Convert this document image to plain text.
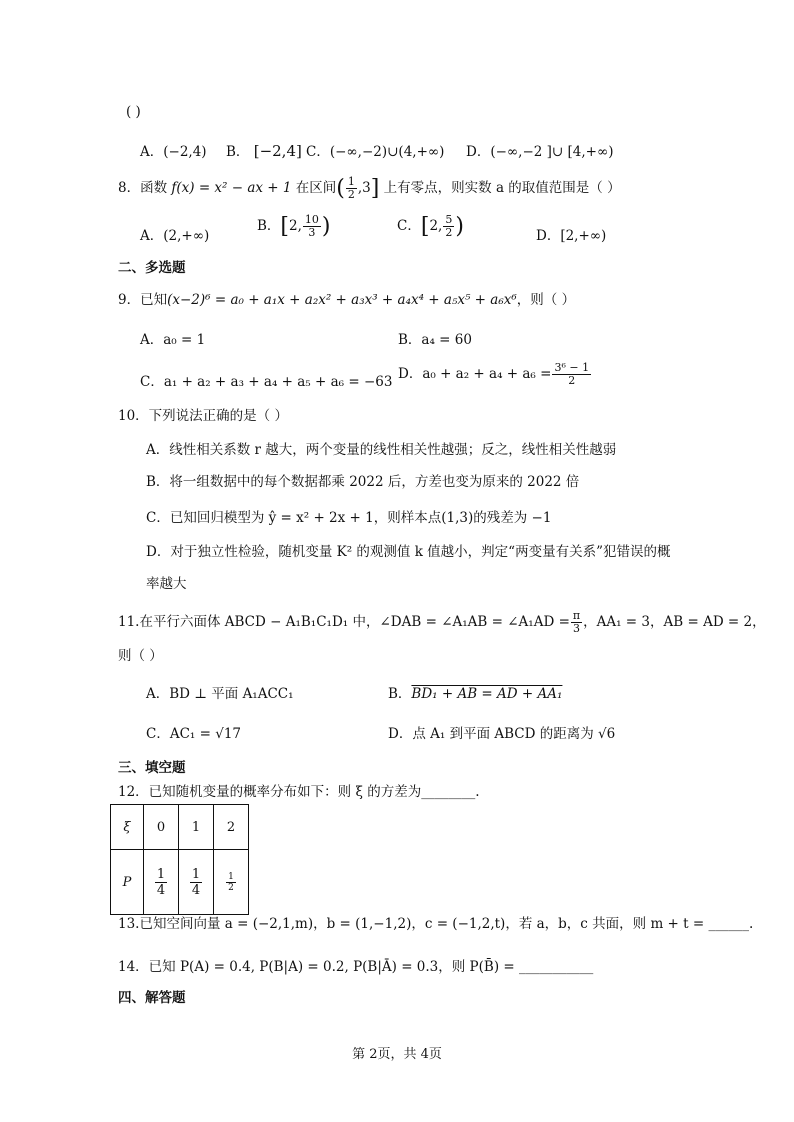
( )
A．(−2,4) B． [−2,4] C．(−∞,−2)∪(4,+∞) D．(−∞,−2 ]∪ [4,+∞)
8．函数 f(x) = x² − ax + 1 在区间( $\frac{1}{2} ,3$] 上有零点，则实数 a 的取值范围是（ ）
A．(2,+∞)
B．[2, $\frac{10}{3}$ )	C．[2, $\frac{5}{2}$ )	D．[2,+∞)
二、多选题
9．已知(x−2)⁶ = a₀ + a₁x + a₂x² + a₃x³ + a₄x⁴ + a₅x⁵ + a₆x⁶，则（ ）
A．a₀ = 1	B．a₄ = 60
C．a₁ + a₂ + a₃ + a₄ + a₅ + a₆ = −63 D．$a_0 + a_2 + a_4 + a_6 = \frac{\text{3⁶ − 1}}{2}$
10．下列说法正确的是（ ）
A．线性相关系数 r 越大，两个变量的线性相关性越强；反之，线性相关性越弱
B．将一组数据中的每个数据都乘 2022 后，方差也变为原来的 2022 倍
C．已知回归模型为 ŷ = x² + 2x + 1，则样本点(1,3)的残差为 −1
D．对于独立性检验，随机变量 K² 的观测值 k 值越小，判定“两变量有关系”犯错误的概
率越大
11.在平行六面体 ABCD − A₁B₁C₁D₁ 中，∠DAB = ∠A₁AB = ∠A₁AD = $\frac{\pi}{3}$ ，AA₁ = 3，AB = AD = 2，
则（ ）
A．BD ⊥ 平面 A₁ACC₁	B．BD₁ + AB = AD + AA₁
C．AC₁ = √17	D．点 A₁ 到平面 ABCD 的距离为 √6
三、填空题
12．已知随机变量的概率分布如下：则 ξ 的方差为________.
ξ	0	1	2
P	$\frac{1}{4}$	$\frac{1}{4}$	$\frac{1}{2}$
13.已知空间向量 a = (−2,1,m)，b = (1,−1,2)，c = (−1,2,t)，若 a，b，c 共面，则 m + t = ______.
14．已知 P(A) = 0.4, P(B|A) = 0.2, P(B|Ā) = 0.3，则 P(B̄) = ___________
四、解答题
第 2页，共 4页
